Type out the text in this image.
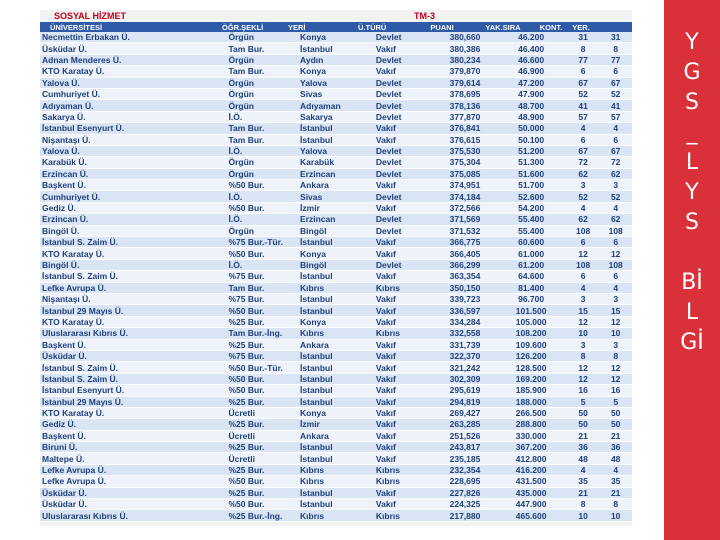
SOSYAL HİZMET	TM-3
ÜNİVERSİTESİ	ÖĞR.ŞEKLİ	YERİ	Ü.TÜRÜ	PUANI	YAK.SIRA	KONT.	YER.
Necmettin Erbakan Ü.	Örgün	Konya	Devlet	380,660	46.200	31	31
Üsküdar Ü.	Tam Bur.	İstanbul	Vakıf	380,386	46.400	8	8
Adnan Menderes Ü.	Örgün	Aydın	Devlet	380,234	46.600	77	77
KTO Karatay Ü.	Tam Bur.	Konya	Vakıf	379,870	46.900	6	6
Yalova Ü.	Örgün	Yalova	Devlet	379,614	47.200	67	67
Cumhuriyet Ü.	Örgün	Sivas	Devlet	378,695	47.900	52	52
Adıyaman Ü.	Örgün	Adıyaman	Devlet	378,136	48.700	41	41
Sakarya Ü.	İ.Ö.	Sakarya	Devlet	377,870	48.900	57	57
İstanbul Esenyurt Ü.	Tam Bur.	İstanbul	Vakıf	376,841	50.000	4	4
Nişantaşı Ü.	Tam Bur.	İstanbul	Vakıf	376,615	50.100	6	6
Yalova Ü.	İ.Ö.	Yalova	Devlet	375,530	51.200	67	67
Karabük Ü.	Örgün	Karabük	Devlet	375,304	51.300	72	72
Erzincan Ü.	Örgün	Erzincan	Devlet	375,085	51.600	62	62
Başkent Ü.	%50 Bur.	Ankara	Vakıf	374,951	51.700	3	3
Cumhuriyet Ü.	İ.Ö.	Sivas	Devlet	374,184	52.600	52	52
Gediz Ü.	%50 Bur.	İzmir	Vakıf	372,566	54.200	4	4
Erzincan Ü.	İ.Ö.	Erzincan	Devlet	371,569	55.400	62	62
Bingöl Ü.	Örgün	Bingöl	Devlet	371,532	55.400	108	108
İstanbul S. Zaim Ü.	%75 Bur.-Tür.	İstanbul	Vakıf	366,775	60.600	6	6
KTO Karatay Ü.	%50 Bur.	Konya	Vakıf	366,405	61.000	12	12
Bingöl Ü.	İ.Ö.	Bingöl	Devlet	366,299	61.200	108	108
İstanbul S. Zaim Ü.	%75 Bur.	İstanbul	Vakıf	363,354	64.600	6	6
Lefke Avrupa Ü.	Tam Bur.	Kıbrıs	Kıbrıs	350,150	81.400	4	4
Nişantaşı Ü.	%75 Bur.	İstanbul	Vakıf	339,723	96.700	3	3
İstanbul 29 Mayıs Ü.	%50 Bur.	İstanbul	Vakıf	336,597	101.500	15	15
KTO Karatay Ü.	%25 Bur.	Konya	Vakıf	334,284	105.000	12	12
Uluslararası Kıbrıs Ü.	Tam Bur.-İng.	Kıbrıs	Kıbrıs	332,558	108.200	10	10
Başkent Ü.	%25 Bur.	Ankara	Vakıf	331,739	109.600	3	3
Üsküdar Ü.	%75 Bur.	İstanbul	Vakıf	322,370	126.200	8	8
İstanbul S. Zaim Ü.	%50 Bur.-Tür.	İstanbul	Vakıf	321,242	128.500	12	12
İstanbul S. Zaim Ü.	%50 Bur.	İstanbul	Vakıf	302,309	169.200	12	12
İstanbul Esenyurt Ü.	%50 Bur.	İstanbul	Vakıf	295,619	185.900	16	16
İstanbul 29 Mayıs Ü.	%25 Bur.	İstanbul	Vakıf	294,819	188.000	5	5
KTO Karatay Ü.	Ücretli	Konya	Vakıf	269,427	266.500	50	50
Gediz Ü.	%25 Bur.	İzmir	Vakıf	263,285	288.800	50	50
Başkent Ü.	Ücretli	Ankara	Vakıf	251,526	330.000	21	21
Biruni Ü.	%25 Bur.	İstanbul	Vakıf	243,817	367.200	36	36
Maltepe Ü.	Ücretli	İstanbul	Vakıf	235,185	412.800	48	48
Lefke Avrupa Ü.	%25 Bur.	Kıbrıs	Kıbrıs	232,354	416.200	4	4
Lefke Avrupa Ü.	%50 Bur.	Kıbrıs	Kıbrıs	228,695	431.500	35	35
Üsküdar Ü.	%25 Bur.	İstanbul	Vakıf	227,826	435.000	21	21
Üsküdar Ü.	%50 Bur.	İstanbul	Vakıf	224,325	447.900	8	8
Uluslararası Kıbrıs Ü.	%25 Bur.-İng.	Kıbrıs	Kıbrıs	217,880	465.600	10	10
Y
G
S
_
L
Y
S

Bİ
L
Gİ
